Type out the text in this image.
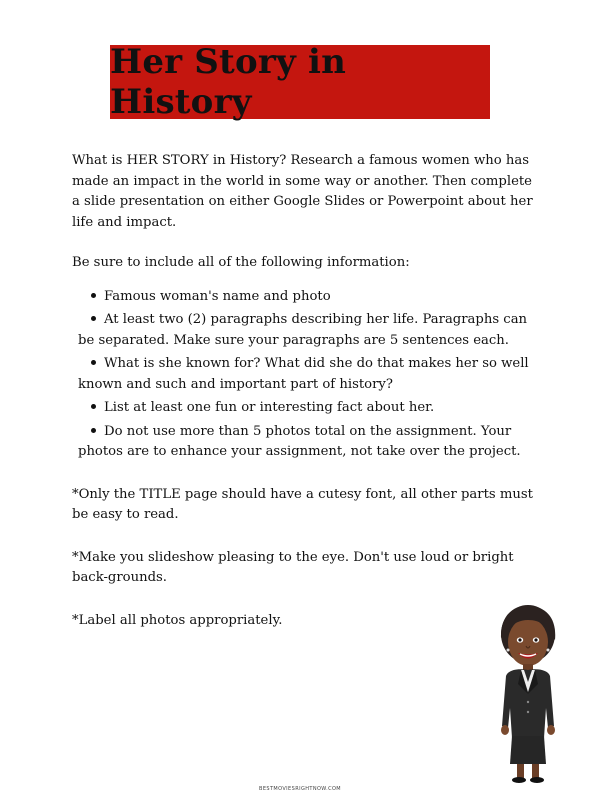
Her Story in History

What is HER STORY in History? Research a famous women who has made an impact in the world in some way or another. Then complete a slide presentation on either Google Slides or Powerpoint about her life and impact.

Be sure to include all of the following information:

Famous woman's name and photo
At least two (2) paragraphs describing her life. Paragraphs can be separated. Make sure your paragraphs are 5 sentences each.
What is she known for? What did she do that makes her so well known and such and important part of history?
List at least one fun or interesting fact about her.
Do not use more than 5 photos total on the assignment. Your photos are to enhance your assignment, not take over the project.

*Only the TITLE page should have a cutesy font, all other parts must be easy to read.

*Make you slideshow pleasing to the eye. Don't use loud or bright back-grounds.

*Label all photos appropriately.

BESTMOVIESRIGHTNOW.COM
